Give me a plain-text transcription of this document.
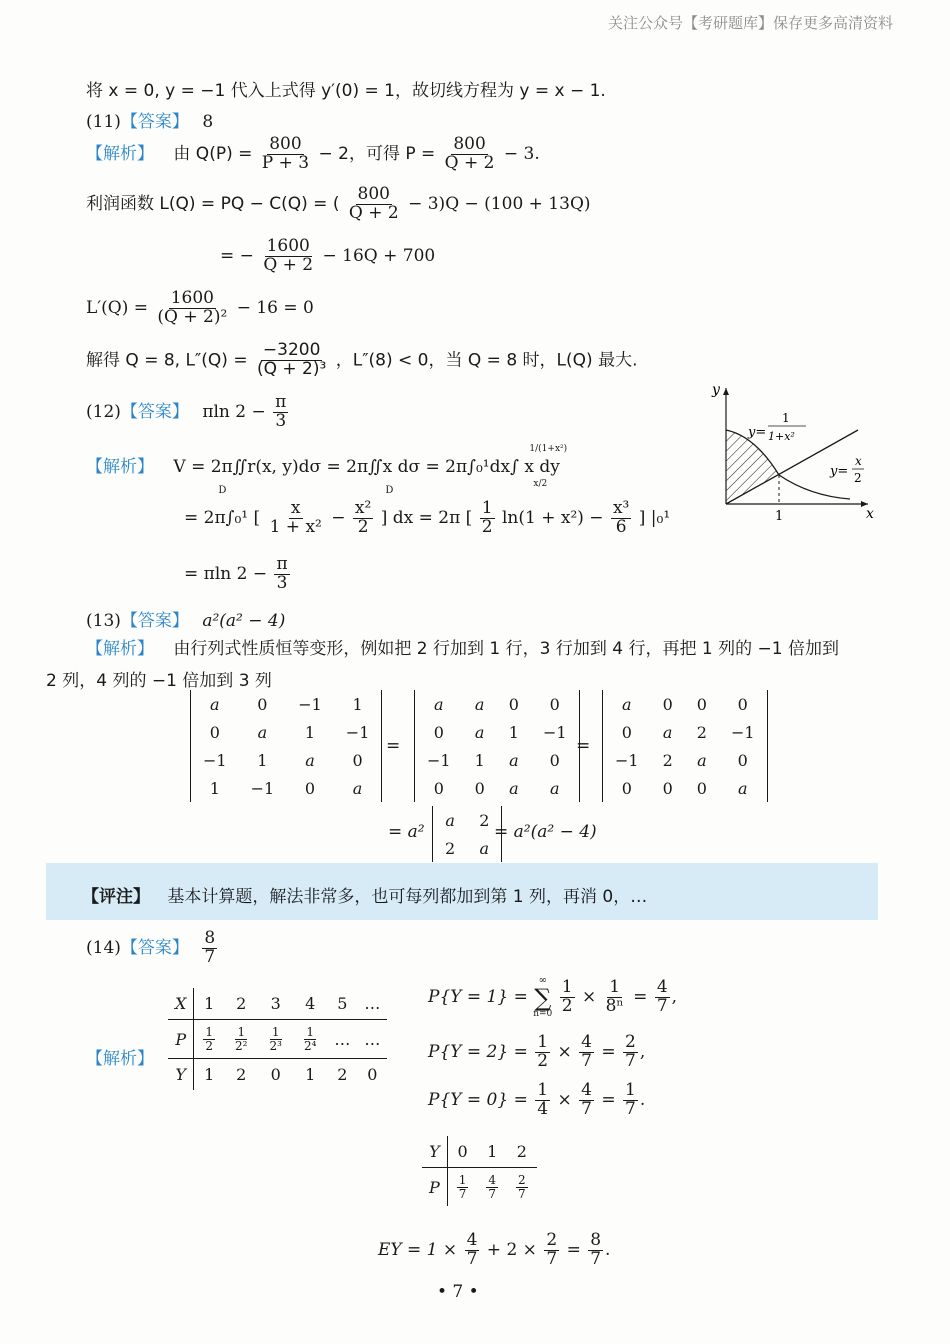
关注公众号【考研题库】保存更多高清资料
将 x = 0, y = −1 代入上式得 y′(0) = 1，故切线方程为 y = x − 1.
(11)【答案】 8
【解析】 由 $Q(P) = \frac{800}{P + 3} - 2$，可得 $P = \frac{800}{Q + 2} - 3$.
利润函数 L(Q) = PQ − C(Q) = ( $\frac{800}{Q + 2} - 3)Q - (100 + 13Q)$
= − $\frac{1600}{Q + 2} - 16Q + 700$
$L'(Q) = \frac{1600}{\text{(Q + 2)²}} - 16 = 0$
解得 Q = 8, $L''(Q) = \frac{-3200}{\text{(Q + 2)³}}$ ，L″(8) < 0，当 Q = 8 时，L(Q) 最大.
(12)【答案】 πln $2 - \frac{\pi}{3}$
【解析】 V = 2π∬r(x, y)dσ = 2π∬x dσ = 2π∫₀¹dx∫ x dy
D	D
1/(1+x²)
x/2
= 2π∫₀¹ [ $\frac{x}{\text{1 + x²}} - \frac{\text{x²}}{2}$ ] dx = 2π [ $\frac{1}{2} \ln(1 + x^2) - \frac{\text{x³}}{6}$ ] |₀¹
= πln $2 - \frac{\pi}{3}$
y
x
1
y=
1
1+x²
y=
x
2
(13)【答案】 a²(a² − 4)
【解析】 由行列式性质恒等变形，例如把 2 行加到 1 行，3 行加到 4 行，再把 1 列的 −1 倍加到
2 列，4 列的 −1 倍加到 3 列
a	0	−1	1
0	a	1	−1
−1	1	a	0
1	−1	0	a
=
a	a	0	0
0	a	1	−1
−1	1	a	0
0	0	a	a
=
a	0	0	0
0	a	2	−1
−1	2	a	0
0	0	0	a
= a²
a	2
2	a
= a²(a² − 4)
【评注】 基本计算题，解法非常多，也可每列都加到第 1 列，再消 0，…
(14)【答案】 $\frac{8}{7}$
【解析】
X	1	2	3	4	5	…
P	$\frac{1}{2}$	$\frac{1}{\text{2²}}$	$\frac{1}{\text{2³}}$	$\frac{1}{\text{2⁴}}$	…	…
Y	1	2	0	1	2	0
P{Y = 1} =
∞
∑
n=0
$\frac{1}{2} \times \frac{1}{\text{8ⁿ}} = \frac{4}{7}$ ,
$P\{Y = 2\} = \frac{1}{2} \times \frac{4}{7} = \frac{2}{7}$ ,
$P\{Y = 0\} = \frac{1}{4} \times \frac{4}{7} = \frac{1}{7}$ .
Y	0	1	2
P	$\frac{1}{7}$	$\frac{4}{7}$	$\frac{2}{7}$
EY = $1 \times \frac{4}{7} + 2 \times \frac{2}{7} = \frac{8}{7}$ .
• 7 •
